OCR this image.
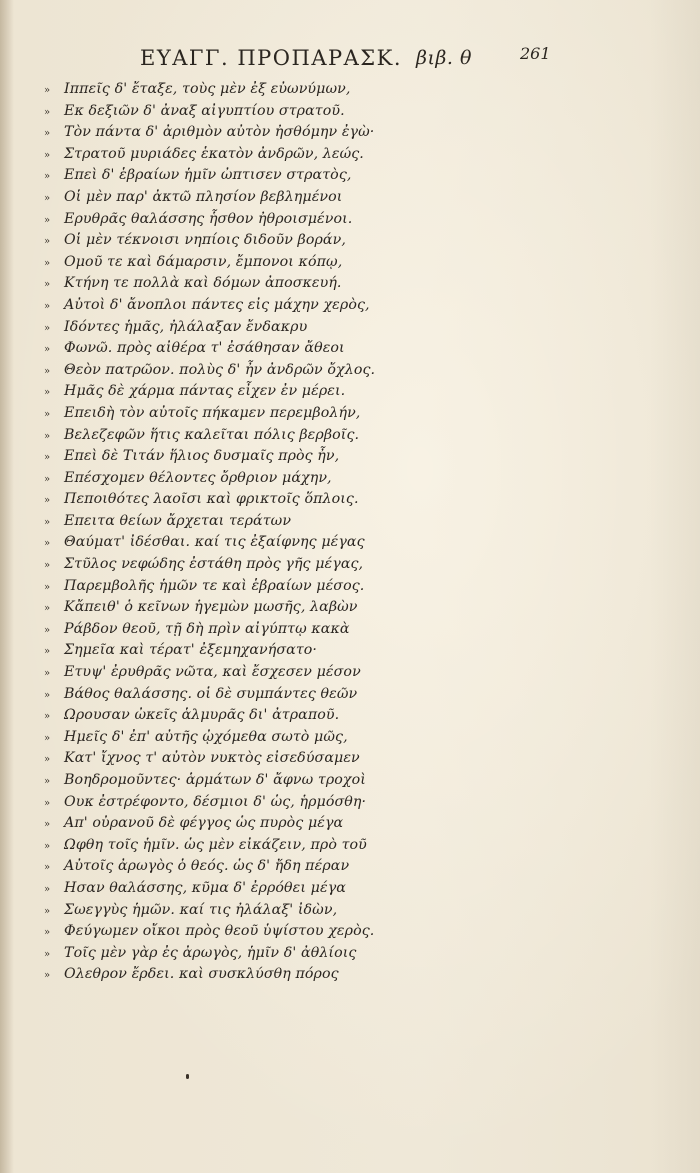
ΕΥΑΓΓ. ΠΡΟΠΑΡΑΣΚ. βιβ. θ	261
» Ιππεῖς δ' ἔταξε, τοὺς μὲν ἐξ εὐωνύμων,
» Εκ δεξιῶν δ' ἀναξ αἰγυπτίου στρατοῦ.
» Τὸν πάντα δ' ἀριθμὸν αὐτὸν ἠσθόμην ἐγὼ·
» Στρατοῦ μυριάδες ἑκατὸν ἀνδρῶν, λεώς.
» Επεὶ δ' ἑβραίων ἡμῖν ὠπτισεν στρατὸς,
» Οἱ μὲν παρ' ἀκτῶ πλησίον βεβλημένοι
» Ερυθρᾶς θαλάσσης ἧσθον ἠθροισμένοι.
» Οἱ μὲν τέκνοισι νηπίοις διδοῦν βοράν,
» Ομοῦ τε καὶ δάμαρσιν, ἔμπονοι κόπῳ,
» Κτήνη τε πολλὰ καὶ δόμων ἀποσκευή.
» Αὐτοὶ δ' ἄνοπλοι πάντες εἰς μάχην χερὸς,
» Ιδόντες ἡμᾶς, ἠλάλαξαν ἔνδακρυ
» Φωνῶ. πρὸς αἰθέρα τ' ἐσάθησαν ἄθεοι
» Θεὸν πατρῶον. πολὺς δ' ἦν ἀνδρῶν ὄχλος.
» Ημᾶς δὲ χάρμα πάντας εἶχεν ἐν μέρει.
» Επειδὴ τὸν αὐτοῖς πήκαμεν περεμβολήν,
» Βελεζεφῶν ἥτις καλεῖται πόλις βερβοῖς.
» Επεὶ δὲ Τιτάν ἥλιος δυσμαῖς πρὸς ἦν,
» Επέσχομεν θέλοντες ὄρθριον μάχην,
» Πεποιθότες λαοῖσι καὶ φρικτοῖς ὅπλοις.
» Επειτα θείων ἄρχεται τεράτων
» Θαύματ' ἰδέσθαι. καί τις ἐξαίφνης μέγας
» Στῦλος νεφώδης ἐστάθη πρὸς γῆς μέγας,
» Παρεμβολῆς ἡμῶν τε καὶ ἑβραίων μέσος.
» Κἄπειθ' ὁ κεῖνων ἡγεμὼν μωσῆς, λαβὼν
» Ράβδον θεοῦ, τῇ δὴ πρὶν αἰγύπτῳ κακὰ
» Σημεῖα καὶ τέρατ' ἐξεμηχανήσατο·
» Ετυψ' ἐρυθρᾶς νῶτα, καὶ ἔσχεσεν μέσον
» Βάθος θαλάσσης. οἱ δὲ συμπάντες θεῶν
» Ωρουσαν ὠκεῖς ἁλμυρᾶς δι' ἀτραποῦ.
» Ημεῖς δ' ἐπ' αὐτῆς ᾠχόμεθα σωτὸ μῶς,
» Κατ' ἴχνος τ' αὐτὸν νυκτὸς εἰσεδύσαμεν
» Βοηδρομοῦντες· ἁρμάτων δ' ἄφνω τροχοὶ
» Ουκ ἐστρέφοντο, δέσμιοι δ' ὡς, ἡρμόσθη·
» Απ' οὐρανοῦ δὲ φέγγος ὡς πυρὸς μέγα
» Ωφθη τοῖς ἡμῖν. ὡς μὲν εἰκάζειν, πρὸ τοῦ
» Αὐτοῖς ἀρωγὸς ὁ θεός. ὡς δ' ἤδη πέραν
» Ησαν θαλάσσης, κῦμα δ' ἐρρόθει μέγα
» Σωεγγὺς ἡμῶν. καί τις ἠλάλαξ' ἰδὼν,
» Φεύγωμεν οἴκοι πρὸς θεοῦ ὑψίστου χερὸς.
» Τοῖς μὲν γὰρ ἐς ἀρωγὸς, ἡμῖν δ' ἀθλίοις
» Ολεθρον ἔρδει. καὶ συσκλύσθη πόρος
